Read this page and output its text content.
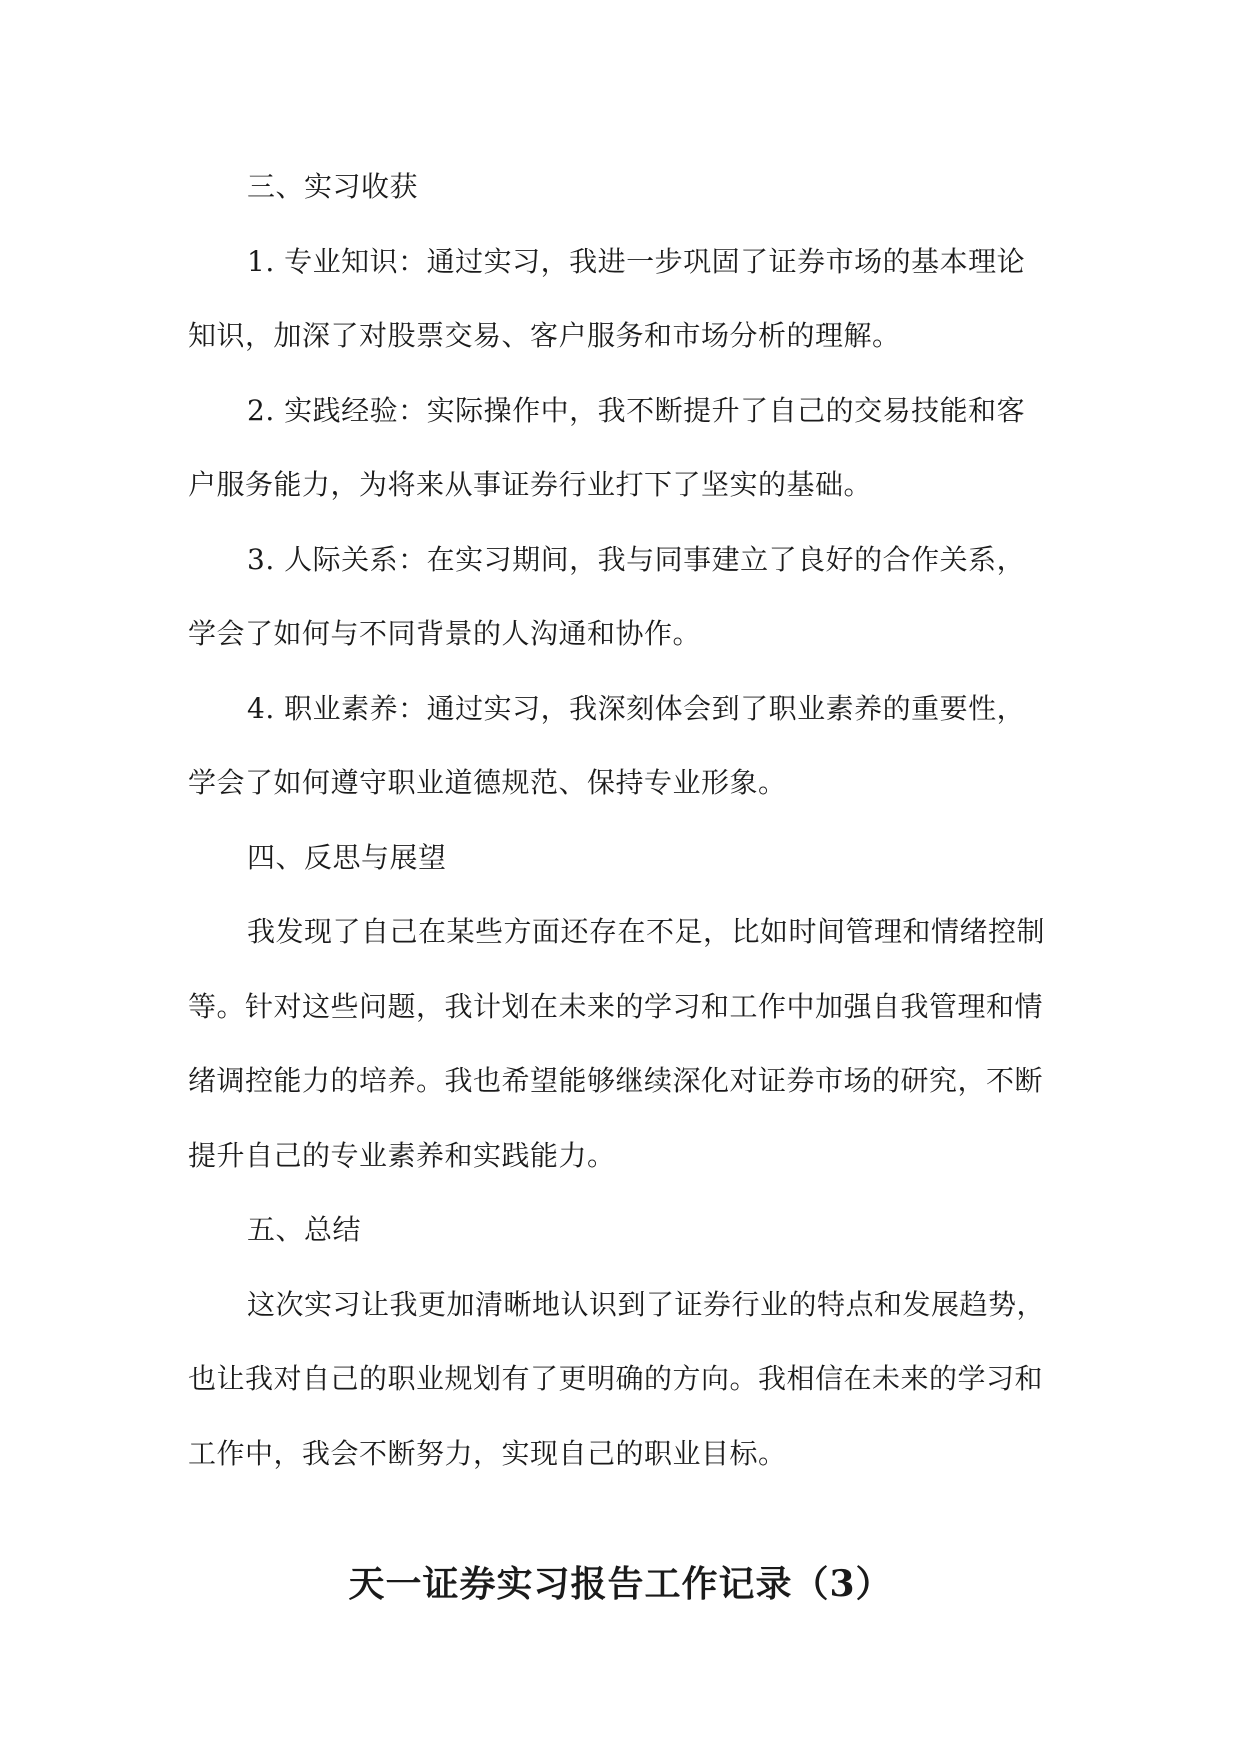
三、实习收获
1. 专业知识：通过实习，我进一步巩固了证券市场的基本理论
知识，加深了对股票交易、客户服务和市场分析的理解。
2. 实践经验：实际操作中，我不断提升了自己的交易技能和客
户服务能力，为将来从事证券行业打下了坚实的基础。
3. 人际关系：在实习期间，我与同事建立了良好的合作关系，
学会了如何与不同背景的人沟通和协作。
4. 职业素养：通过实习，我深刻体会到了职业素养的重要性，
学会了如何遵守职业道德规范、保持专业形象。
四、反思与展望
我发现了自己在某些方面还存在不足，比如时间管理和情绪控制
等。针对这些问题，我计划在未来的学习和工作中加强自我管理和情
绪调控能力的培养。我也希望能够继续深化对证券市场的研究，不断
提升自己的专业素养和实践能力。
五、总结
这次实习让我更加清晰地认识到了证券行业的特点和发展趋势，
也让我对自己的职业规划有了更明确的方向。我相信在未来的学习和
工作中，我会不断努力，实现自己的职业目标。
天一证券实习报告工作记录（3）
